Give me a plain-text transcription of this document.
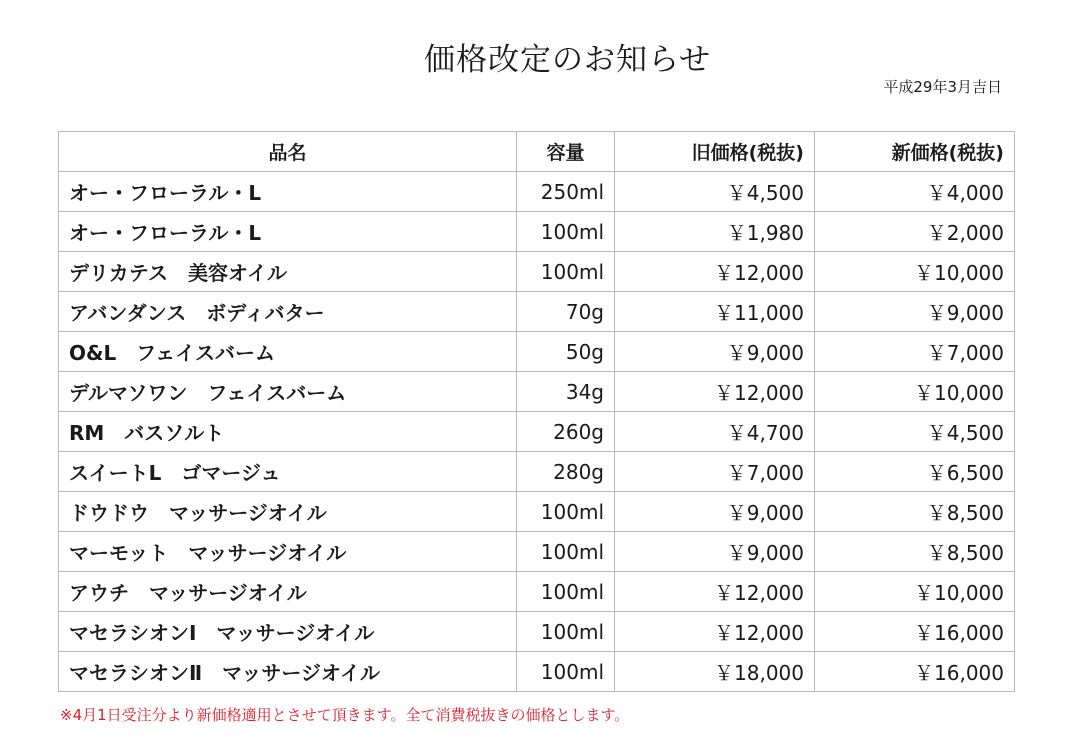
価格改定のお知らせ
平成29年3月吉日
品名	容量	旧価格(税抜)	新価格(税抜)
オー・フローラル・L	250ml	￥4,500	￥4,000
オー・フローラル・L	100ml	￥1,980	￥2,000
デリカテス　美容オイル	100ml	￥12,000	￥10,000
アバンダンス　ボディバター	70g	￥11,000	￥9,000
O&L　フェイスバーム	50g	￥9,000	￥7,000
デルマソワン　フェイスバーム	34g	￥12,000	￥10,000
RM　バスソルト	260g	￥4,700	￥4,500
スイートL　ゴマージュ	280g	￥7,000	￥6,500
ドウドウ　マッサージオイル	100ml	￥9,000	￥8,500
マーモット　マッサージオイル	100ml	￥9,000	￥8,500
アウチ　マッサージオイル	100ml	￥12,000	￥10,000
マセラシオンⅠ　マッサージオイル	100ml	￥12,000	￥16,000
マセラシオンⅡ　マッサージオイル	100ml	￥18,000	￥16,000
※4月1日受注分より新価格適用とさせて頂きます。全て消費税抜きの価格とします。
